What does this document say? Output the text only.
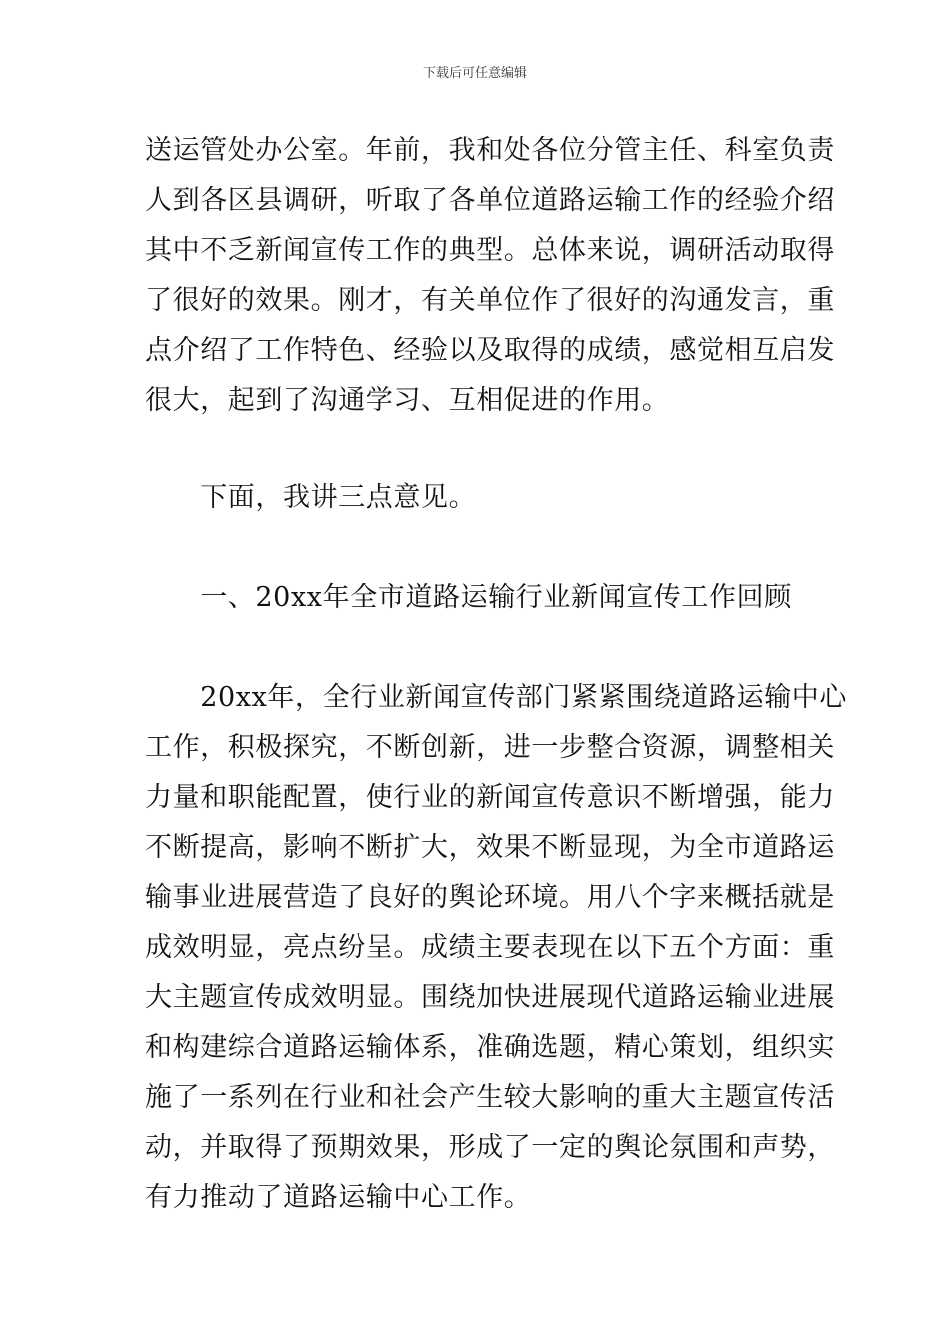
下载后可任意编辑
送运管处办公室。年前，我和处各位分管主任、科室负责
人到各区县调研，听取了各单位道路运输工作的经验介绍
其中不乏新闻宣传工作的典型。总体来说，调研活动取得
了很好的效果。刚才，有关单位作了很好的沟通发言，重
点介绍了工作特色、经验以及取得的成绩，感觉相互启发
很大，起到了沟通学习、互相促进的作用。
　　下面，我讲三点意见。
　　一、20xx年全市道路运输行业新闻宣传工作回顾
　　20xx年，全行业新闻宣传部门紧紧围绕道路运输中心
工作，积极探究，不断创新，进一步整合资源，调整相关
力量和职能配置，使行业的新闻宣传意识不断增强，能力
不断提高，影响不断扩大，效果不断显现，为全市道路运
输事业进展营造了良好的舆论环境。用八个字来概括就是
成效明显，亮点纷呈。成绩主要表现在以下五个方面：重
大主题宣传成效明显。围绕加快进展现代道路运输业进展
和构建综合道路运输体系，准确选题，精心策划，组织实
施了一系列在行业和社会产生较大影响的重大主题宣传活
动，并取得了预期效果，形成了一定的舆论氛围和声势，
有力推动了道路运输中心工作。
